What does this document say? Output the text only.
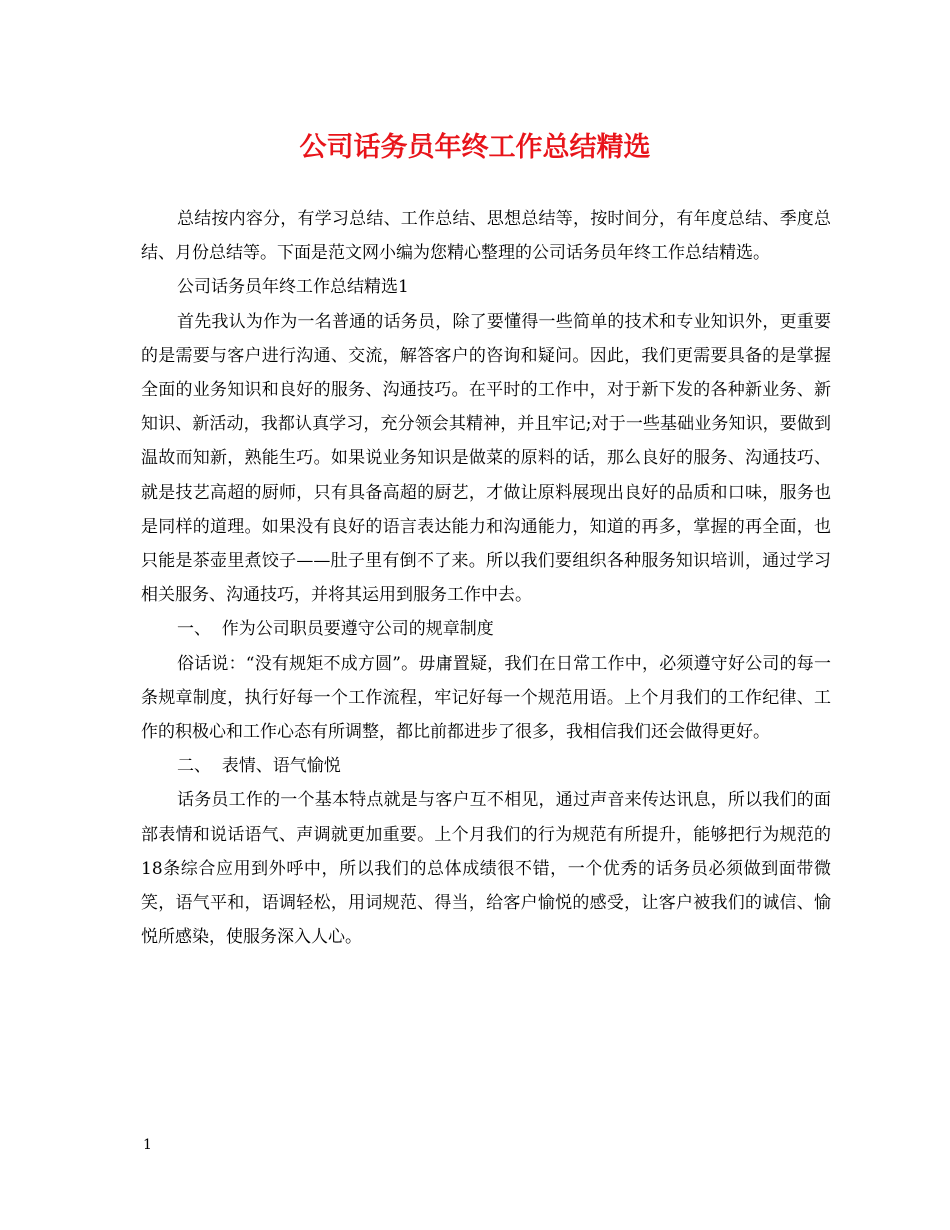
公司话务员年终工作总结精选

总结按内容分，有学习总结、工作总结、思想总结等，按时间分，有年度总结、季度总结、月份总结等。下面是范文网小编为您精心整理的公司话务员年终工作总结精选。

公司话务员年终工作总结精选1

首先我认为作为一名普通的话务员，除了要懂得一些简单的技术和专业知识外，更重要的是需要与客户进行沟通、交流，解答客户的咨询和疑问。因此，我们更需要具备的是掌握全面的业务知识和良好的服务、沟通技巧。在平时的工作中，对于新下发的各种新业务、新知识、新活动，我都认真学习，充分领会其精神，并且牢记;对于一些基础业务知识，要做到温故而知新，熟能生巧。如果说业务知识是做菜的原料的话，那么良好的服务、沟通技巧、就是技艺高超的厨师，只有具备高超的厨艺，才做让原料展现出良好的品质和口味，服务也是同样的道理。如果没有良好的语言表达能力和沟通能力，知道的再多，掌握的再全面，也只能是茶壶里煮饺子——肚子里有倒不了来。所以我们要组织各种服务知识培训，通过学习相关服务、沟通技巧，并将其运用到服务工作中去。

一、  作为公司职员要遵守公司的规章制度

俗话说：“没有规矩不成方圆”。毋庸置疑，我们在日常工作中，必须遵守好公司的每一条规章制度，执行好每一个工作流程，牢记好每一个规范用语。上个月我们的工作纪律、工作的积极心和工作心态有所调整，都比前都进步了很多，我相信我们还会做得更好。

二、  表情、语气愉悦

话务员工作的一个基本特点就是与客户互不相见，通过声音来传达讯息，所以我们的面部表情和说话语气、声调就更加重要。上个月我们的行为规范有所提升，能够把行为规范的18条综合应用到外呼中，所以我们的总体成绩很不错，一个优秀的话务员必须做到面带微笑，语气平和，语调轻松，用词规范、得当，给客户愉悦的感受，让客户被我们的诚信、愉悦所感染，使服务深入人心。

1
